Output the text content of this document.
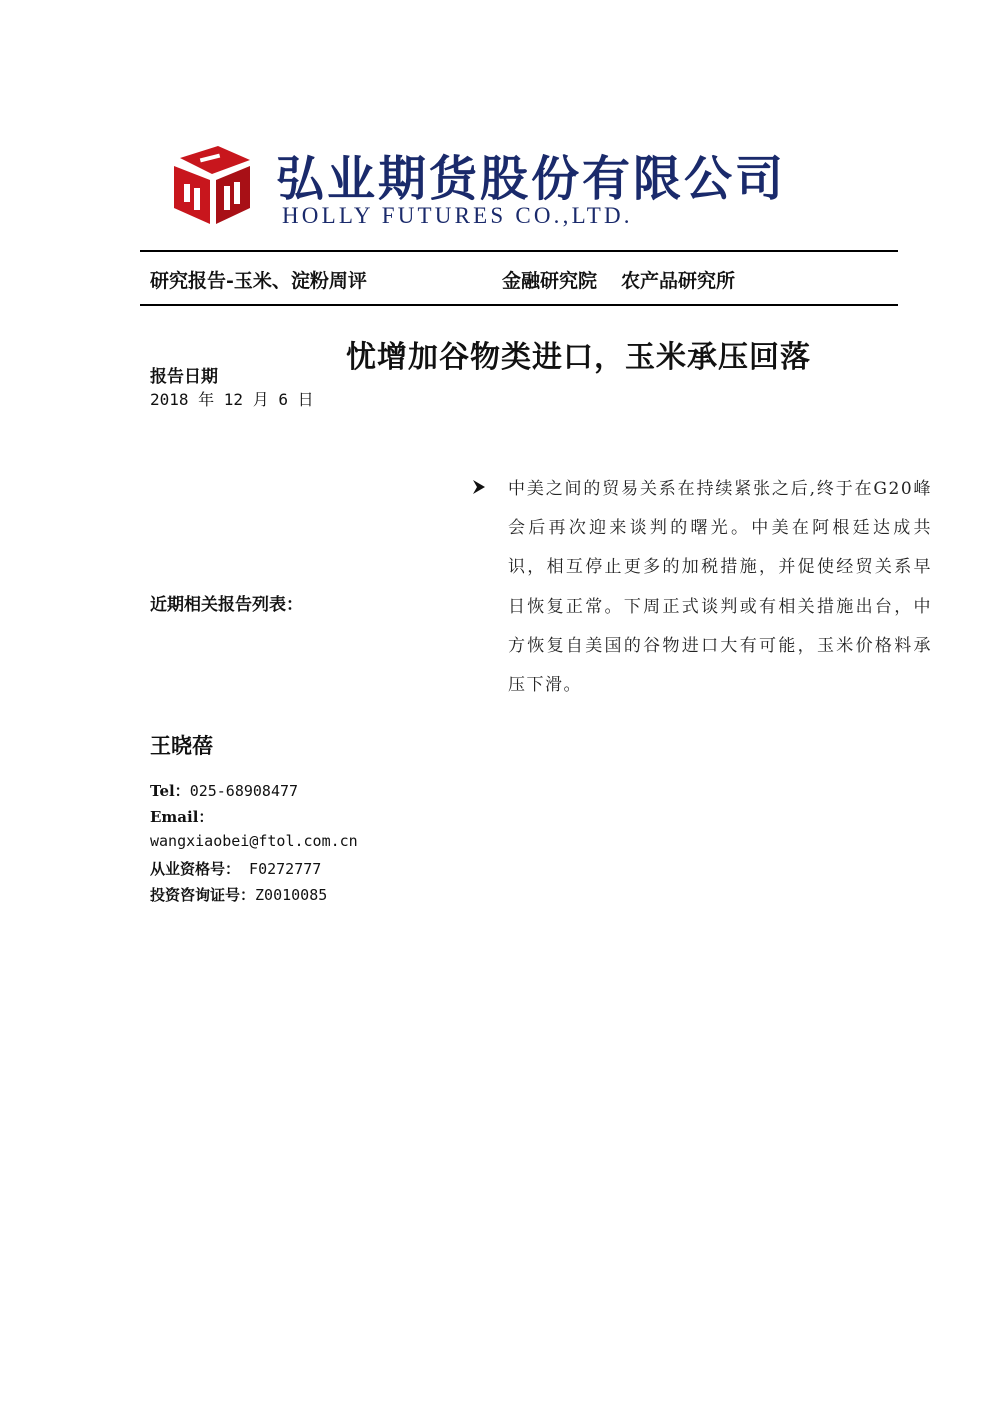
弘业期货股份有限公司
HOLLY FUTURES CO.,LTD.
研究报告-玉米、淀粉周评	金融研究院 农产品研究所
忧增加谷物类进口，玉米承压回落
报告日期
2018 年 12 月 6 日
近期相关报告列表：
王晓蓓
Tel：025-68908477
Email：
wangxiaobei@ftol.com.cn
从业资格号： F0272777
投资咨询证号：Z0010085
中美之间的贸易关系在持续紧张之后,终于在G20峰会后再次迎来谈判的曙光。中美在阿根廷达成共识，相互停止更多的加税措施，并促使经贸关系早日恢复正常。下周正式谈判或有相关措施出台，中方恢复自美国的谷物进口大有可能，玉米价格料承压下滑。
